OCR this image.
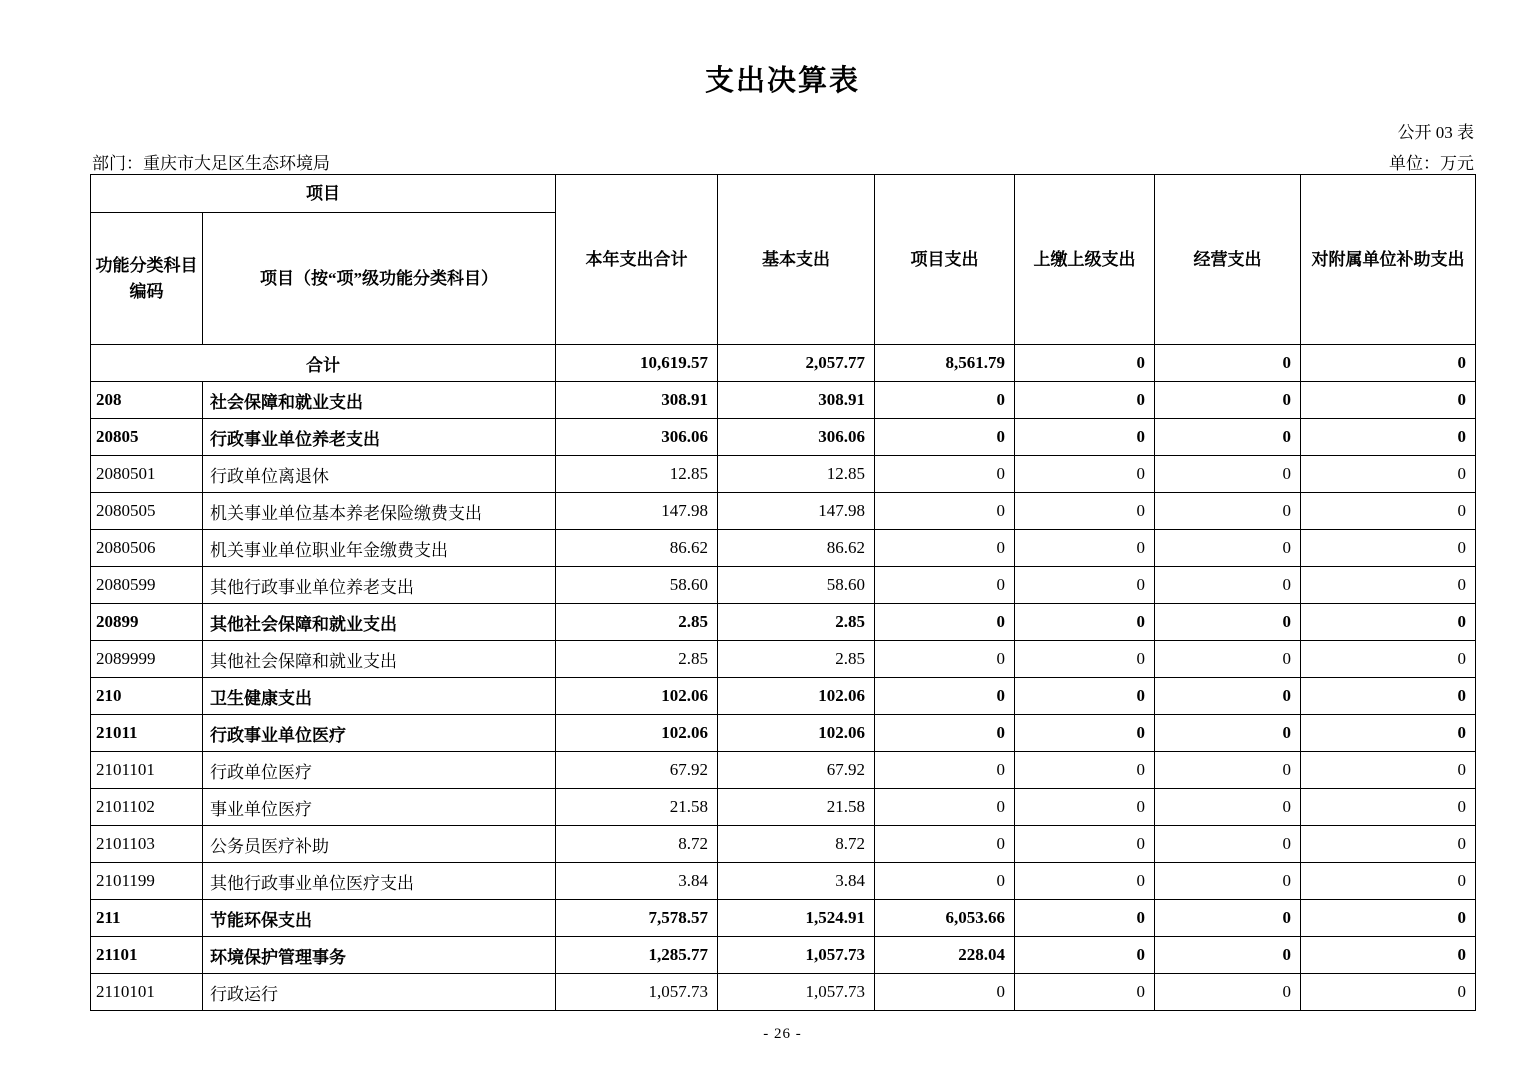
支出决算表
公开 03 表
部门：重庆市大足区生态环境局	单位：万元
项目		本年支出合计	基本支出	项目支出	上缴上级支出	经营支出	对附属单位补助支出
功能分类科目编码	项目（按“项”级功能分类科目）						
合计		10,619.57	2,057.77	8,561.79	0	0	0
208	社会保障和就业支出	308.91	308.91	0	0	0	0
20805	行政事业单位养老支出	306.06	306.06	0	0	0	0
2080501	行政单位离退休	12.85	12.85	0	0	0	0
2080505	机关事业单位基本养老保险缴费支出	147.98	147.98	0	0	0	0
2080506	机关事业单位职业年金缴费支出	86.62	86.62	0	0	0	0
2080599	其他行政事业单位养老支出	58.60	58.60	0	0	0	0
20899	其他社会保障和就业支出	2.85	2.85	0	0	0	0
2089999	其他社会保障和就业支出	2.85	2.85	0	0	0	0
210	卫生健康支出	102.06	102.06	0	0	0	0
21011	行政事业单位医疗	102.06	102.06	0	0	0	0
2101101	行政单位医疗	67.92	67.92	0	0	0	0
2101102	事业单位医疗	21.58	21.58	0	0	0	0
2101103	公务员医疗补助	8.72	8.72	0	0	0	0
2101199	其他行政事业单位医疗支出	3.84	3.84	0	0	0	0
211	节能环保支出	7,578.57	1,524.91	6,053.66	0	0	0
21101	环境保护管理事务	1,285.77	1,057.73	228.04	0	0	0
2110101	行政运行	1,057.73	1,057.73	0	0	0	0
- 26 -
